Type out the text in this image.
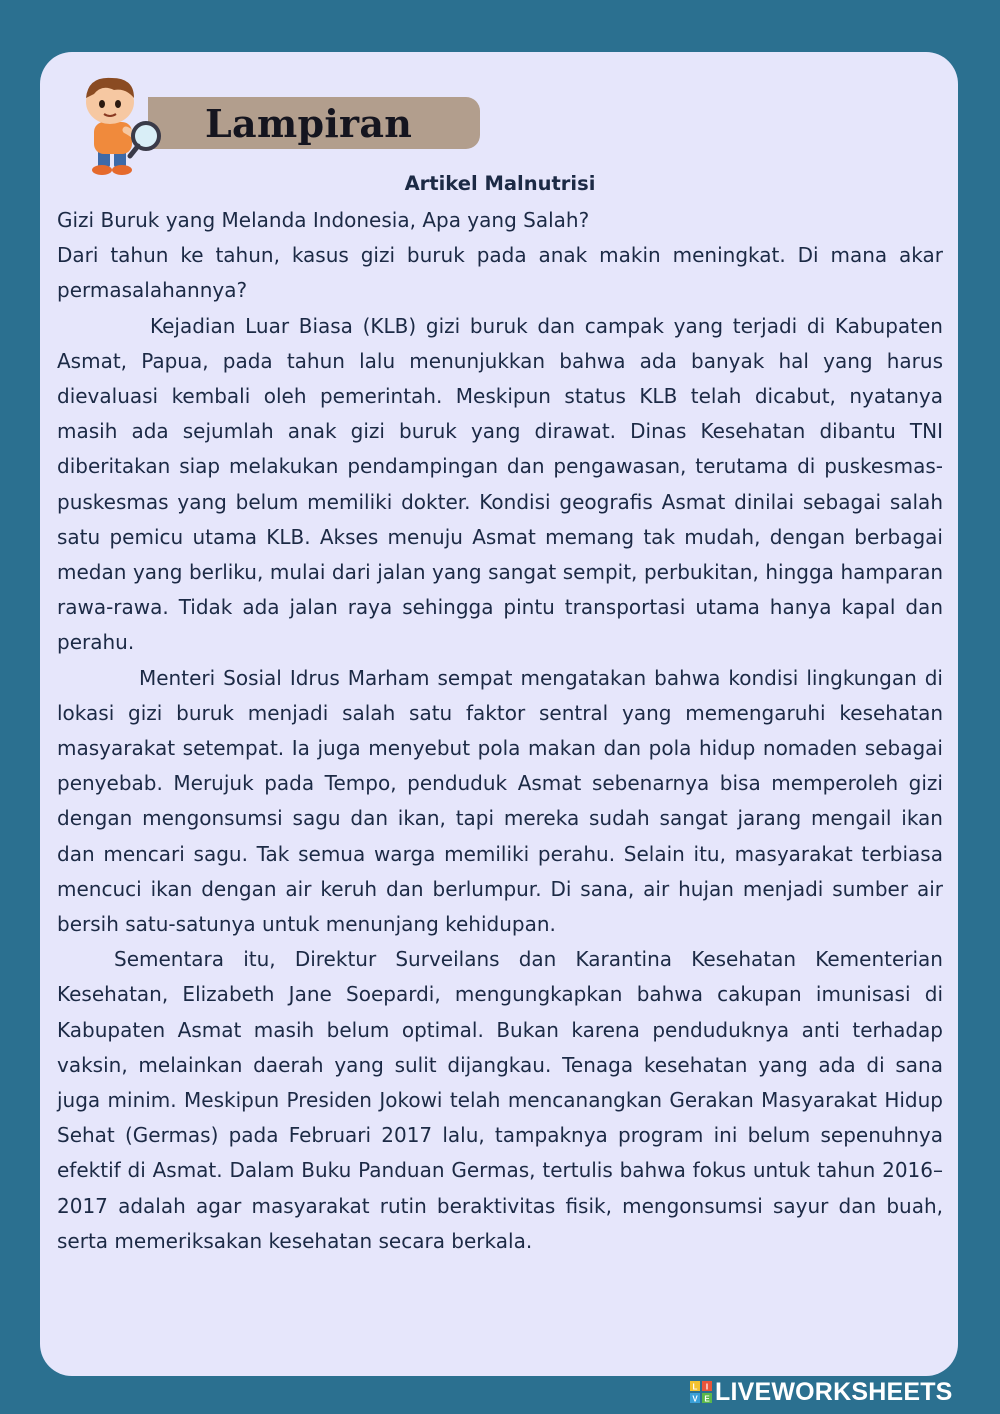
Lampiran
Artikel Malnutrisi

Gizi Buruk yang Melanda Indonesia, Apa yang Salah?

Dari tahun ke tahun, kasus gizi buruk pada anak makin meningkat. Di mana akar permasalahannya?

Kejadian Luar Biasa (KLB) gizi buruk dan campak yang terjadi di Kabupaten Asmat, Papua, pada tahun lalu menunjukkan bahwa ada banyak hal yang harus dievaluasi kembali oleh pemerintah. Meskipun status KLB telah dicabut, nyatanya masih ada sejumlah anak gizi buruk yang dirawat. Dinas Kesehatan dibantu TNI diberitakan siap melakukan pendampingan dan pengawasan, terutama di puskesmas-puskesmas yang belum memiliki dokter. Kondisi geografis Asmat dinilai sebagai salah satu pemicu utama KLB. Akses menuju Asmat memang tak mudah, dengan berbagai medan yang berliku, mulai dari jalan yang sangat sempit, perbukitan, hingga hamparan rawa-rawa. Tidak ada jalan raya sehingga pintu transportasi utama hanya kapal dan perahu.

Menteri Sosial Idrus Marham sempat mengatakan bahwa kondisi lingkungan di lokasi gizi buruk menjadi salah satu faktor sentral yang memengaruhi kesehatan masyarakat setempat. Ia juga menyebut pola makan dan pola hidup nomaden sebagai penyebab. Merujuk pada Tempo, penduduk Asmat sebenarnya bisa memperoleh gizi dengan mengonsumsi sagu dan ikan, tapi mereka sudah sangat jarang mengail ikan dan mencari sagu. Tak semua warga memiliki perahu. Selain itu, masyarakat terbiasa mencuci ikan dengan air keruh dan berlumpur. Di sana, air hujan menjadi sumber air bersih satu-satunya untuk menunjang kehidupan.

Sementara itu, Direktur Surveilans dan Karantina Kesehatan Kementerian Kesehatan, Elizabeth Jane Soepardi, mengungkapkan bahwa cakupan imunisasi di Kabupaten Asmat masih belum optimal. Bukan karena penduduknya anti terhadap vaksin, melainkan daerah yang sulit dijangkau. Tenaga kesehatan yang ada di sana juga minim. Meskipun Presiden Jokowi telah mencanangkan Gerakan Masyarakat Hidup Sehat (Germas) pada Februari 2017 lalu, tampaknya program ini belum sepenuhnya efektif di Asmat. Dalam Buku Panduan Germas, tertulis bahwa fokus untuk tahun 2016–2017 adalah agar masyarakat rutin beraktivitas fisik, mengonsumsi sayur dan buah, serta memeriksakan kesehatan secara berkala.

L I
V E LIVEWORKSHEETS
